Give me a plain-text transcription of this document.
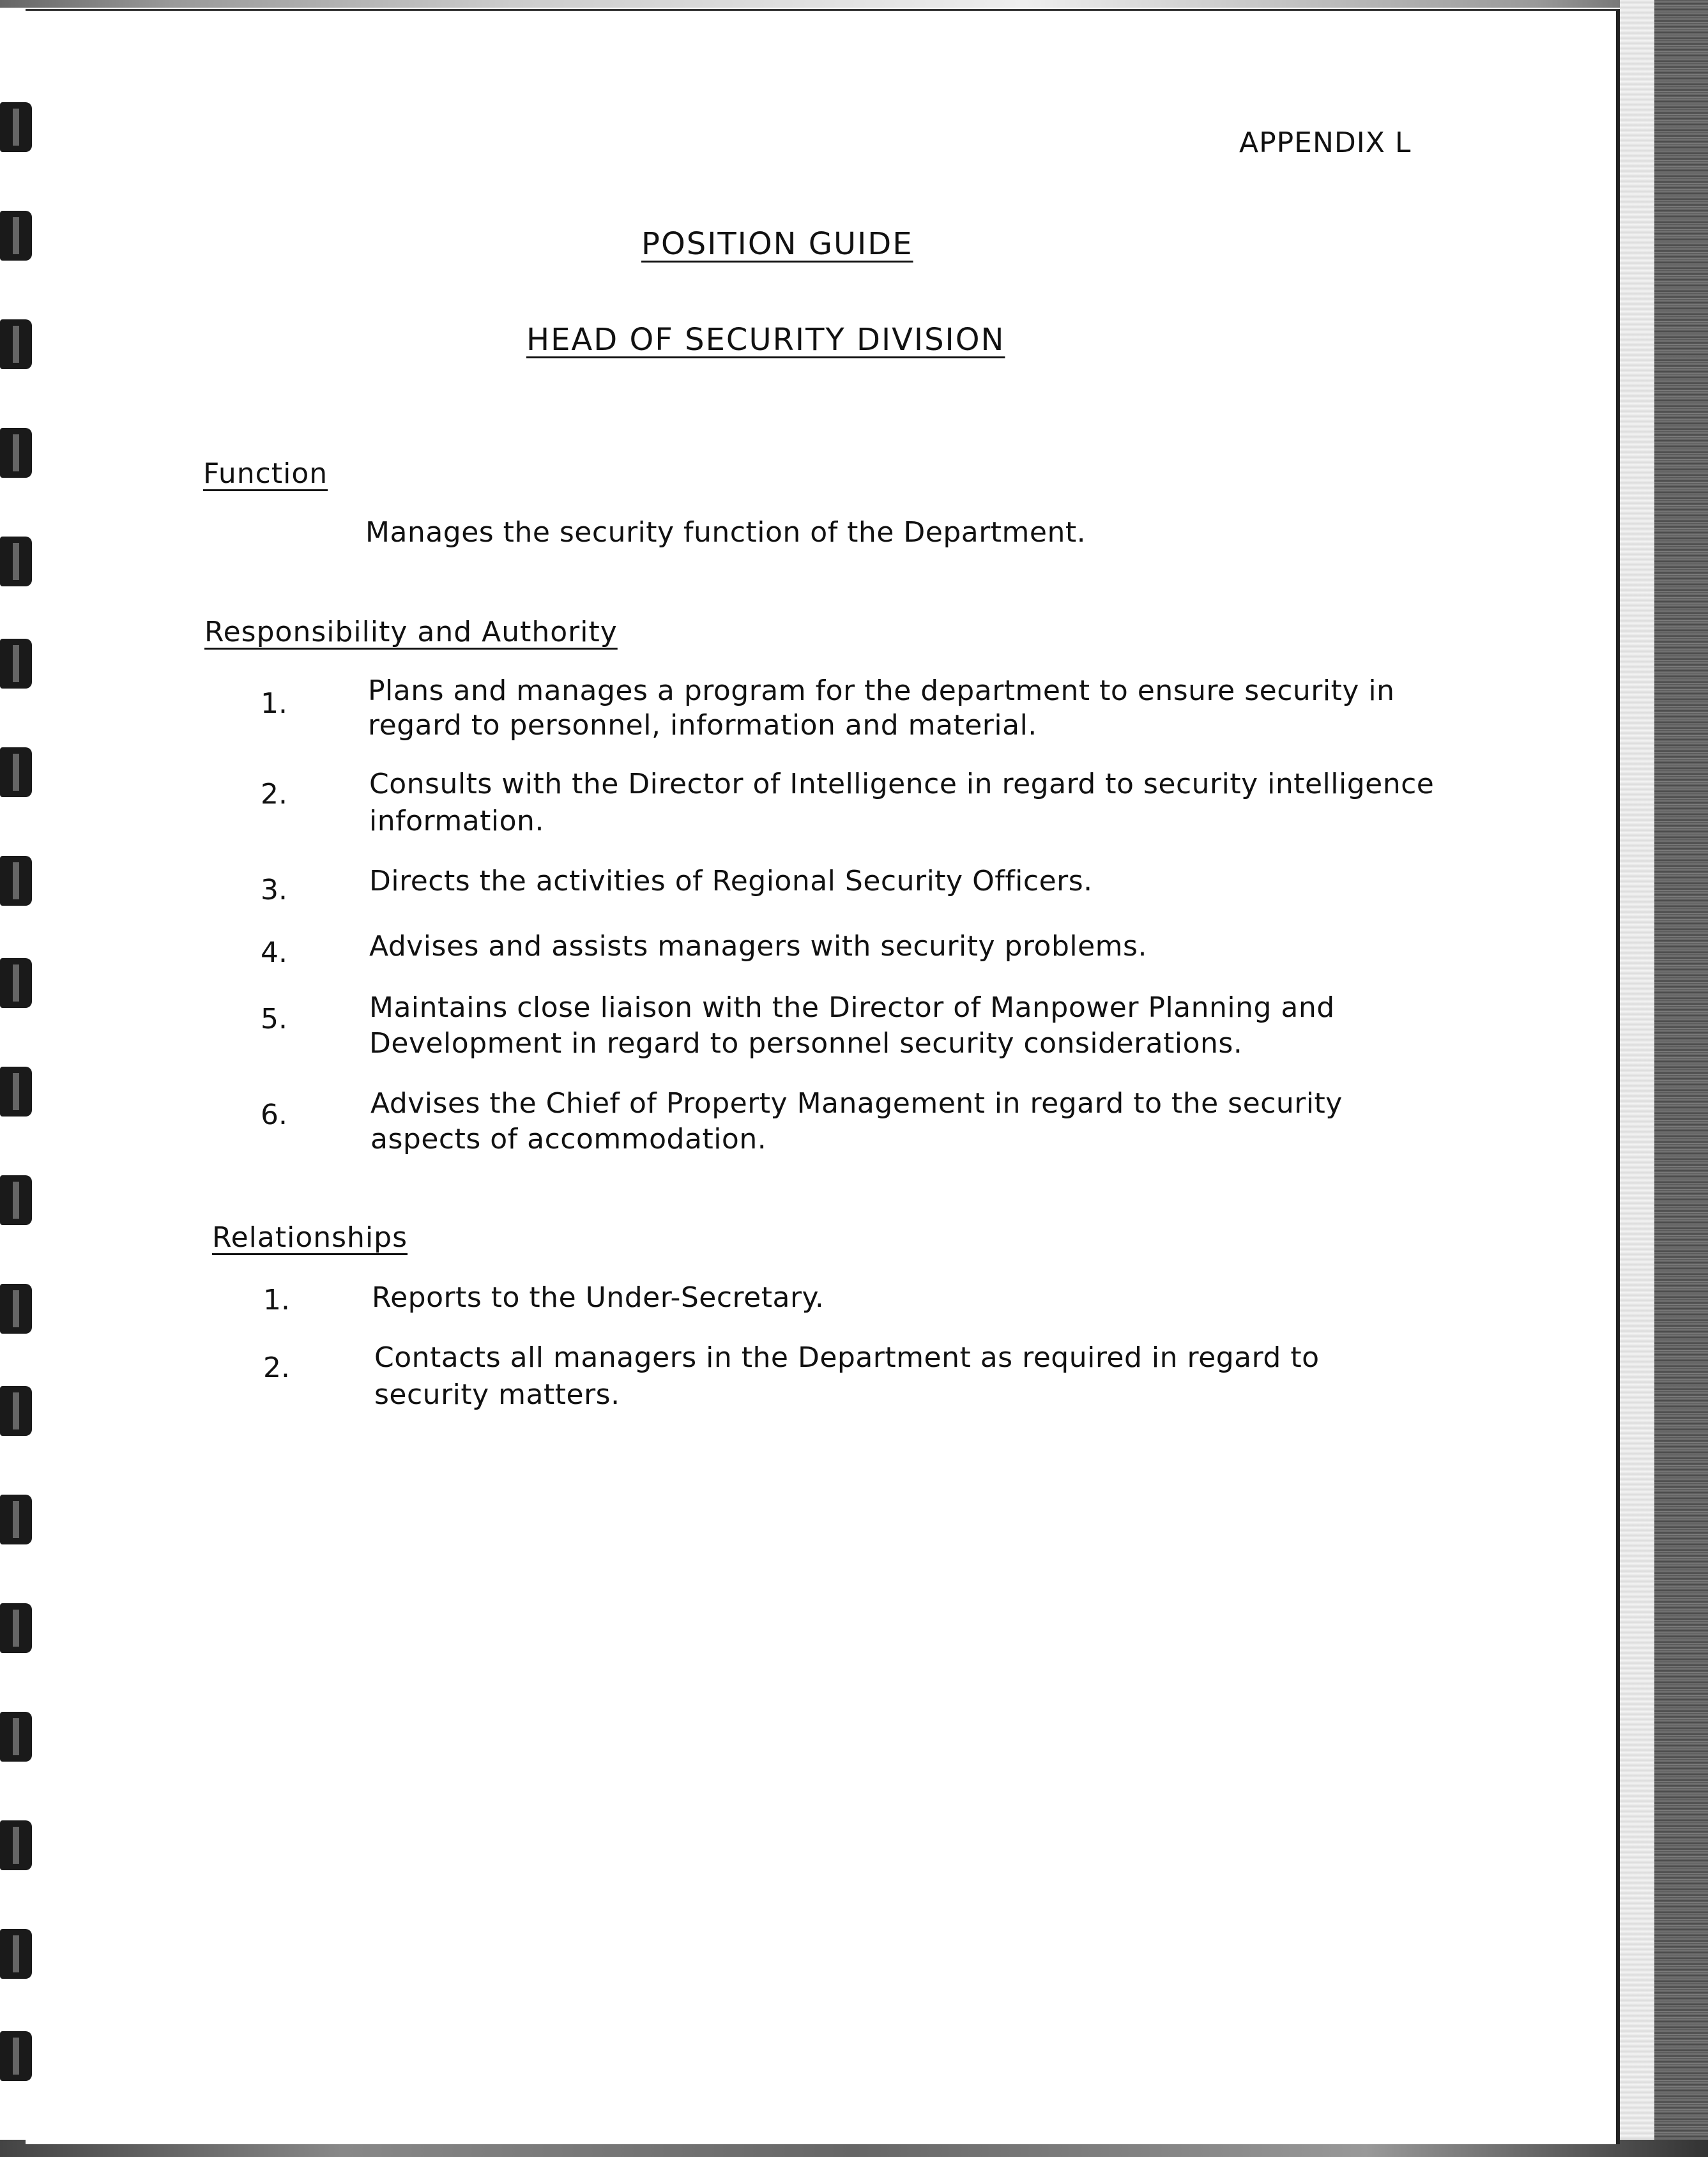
APPENDIX L
POSITION GUIDE
HEAD OF SECURITY DIVISION
Function
Manages the security function of the Department.
Responsibility and Authority
1.	Plans and manages a program for the department to ensure security in
regard to personnel, information and material.
2.	Consults with the Director of Intelligence in regard to security intelligence
information.
3.	Directs the activities of Regional Security Officers.
4.	Advises and assists managers with security problems.
5.	Maintains close liaison with the Director of Manpower Planning and
Development in regard to personnel security considerations.
6.	Advises the Chief of Property Management in regard to the security
aspects of accommodation.
Relationships
1.	Reports to the Under-Secretary.
2.	Contacts all managers in the Department as required in regard to
security matters.
